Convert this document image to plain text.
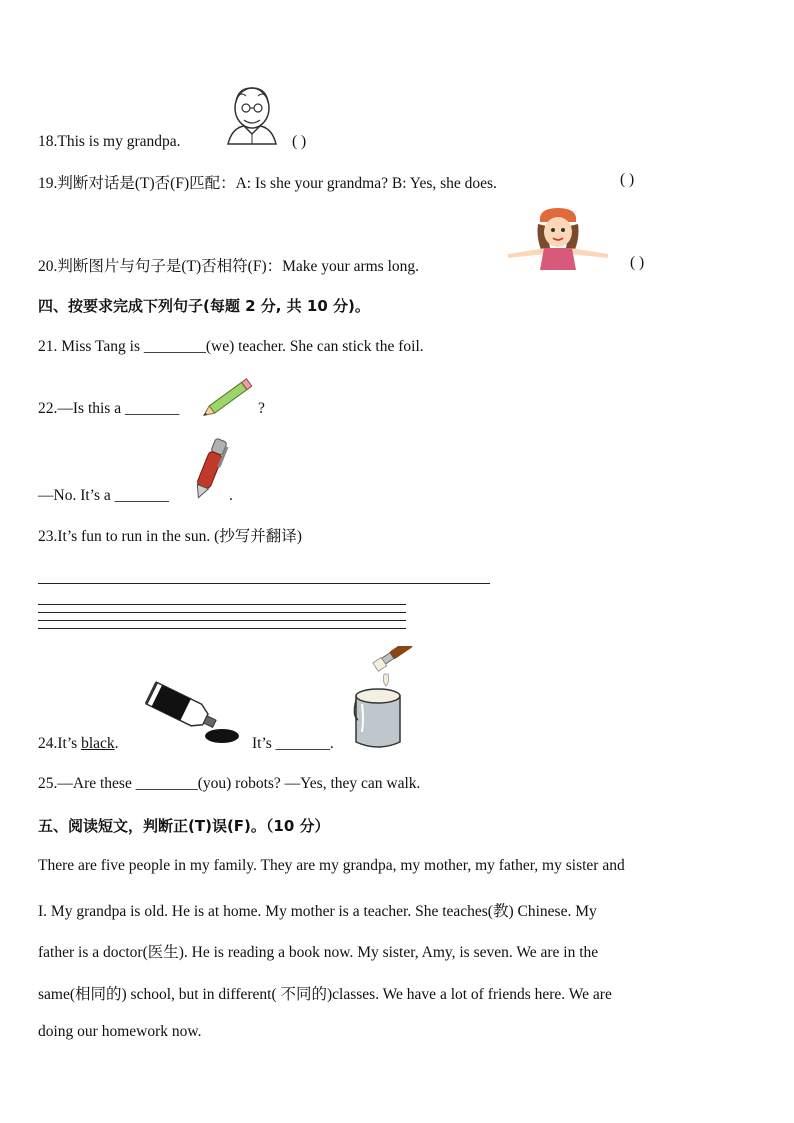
18.This is my grandpa.	( )
19.判断对话是(T)否(F)匹配：A: Is she your grandma? B: Yes, she does.	( )
20.判断图片与句子是(T)否相符(F)：Make your arms long.	( )
四、按要求完成下列句子(每题 2 分, 共 10 分)。
21. Miss Tang is ________(we) teacher. She can stick the foil.
22.—Is this a _______	?
—No. It’s a _______	.
23.It’s fun to run in the sun. (抄写并翻译)
24.It’s black.	It’s _______.
25.—Are these ________(you) robots? —Yes, they can walk.
五、阅读短文，判断正(T)误(F)。（10 分）
There are five people in my family. They are my grandpa, my mother, my father, my sister and
I. My grandpa is old. He is at home. My mother is a teacher. She teaches(教) Chinese. My
father is a doctor(医生). He is reading a book now. My sister, Amy, is seven. We are in the
same(相同的) school, but in different( 不同的)classes. We have a lot of friends here. We are
doing our homework now.
